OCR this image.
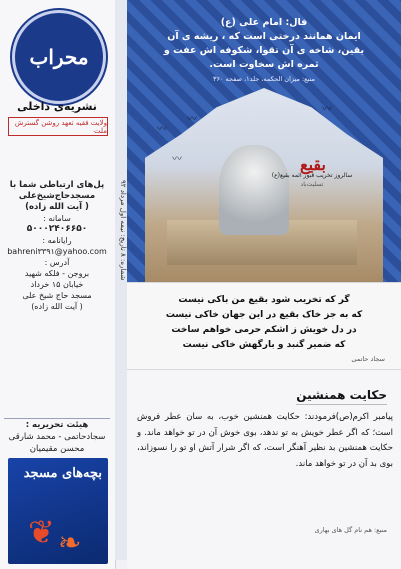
محراب
نشریه‌ی داخلی
ولایت فقیه تعهد روشن گسترش ملت
پل‌های ارتباطی شما با
مسجدحاج‌شیخ‌علی
( آیت الله زاده)
سامانه :
۵۰۰۰۲۴۰۶۶۵۰
رایانامه :
bahreni۳۳۹۱@yahoo.com
آدرس :
بروجن - فلکه شهید
خیابان ۱۵ خرداد
مسجد حاج شیخ علی
( آیت الله زاده)
هیئت تحریریه :
سجادحاتمی - محمد شارقی
محسن مقیمیان
بچه‌های مسجد
❦ ❧
شماره: ۸ تاریخ: نیمه اول مرداد ۹۲
فال: امام علی (ع)
ایمان همانند درختی است که ، ریشه ی آن
یقین، شاخه ی آن تقوا، شکوفه اش عفت و
ثمره اش سخاوت است.
منبع: میزان الحکمه، جلد۱، صفحه ۳۶۰
〰
〰
〰
〰	بقیع
سالروز تخریب قبور ائمه بقیع(ع)
تسلیت‌باد
گر که تخریب شود بقیع من باکی نیست
که به جز خاک بقیع در این جهان خاکی نیست
در دل خویش ز اشکم حرمی خواهم ساخت
که ضمیر گنبد و بارگهش خاکی نیست
سجاد حاتمی
حکایت همنشین
پیامبر اکرم(ص)فرمودند: حکایت همنشین خوب، به سان عطر فروش است؛ که اگر عطر خویش به تو ندهد، بوی خوش آن در تو خواهد ماند. و حکایت همنشین بد نظیر آهنگر است، که اگر شرار آتش او تو را نسوزاند، بوی بد آن در تو خواهد ماند.
منبع: هم نام گل های بهاری
